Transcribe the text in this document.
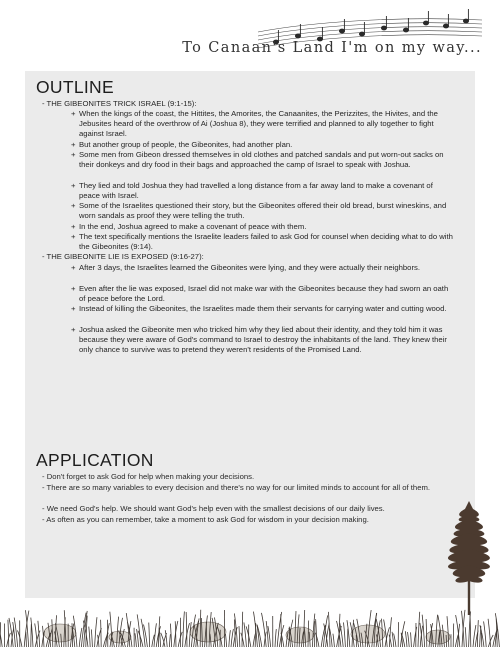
To Canaan's Land I'm on my way...
OUTLINE
- THE GIBEONITES TRICK ISRAEL (9:1-15):
+ When the kings of the coast, the Hittites, the Amorites, the Canaanites, the Perizzites, the Hivites, and the Jebusites heard of the overthrow of Ai (Joshua 8), they were terrified and planned to ally together to fight against Israel.
+ But another group of people, the Gibeonites, had another plan.
+ Some men from Gibeon dressed themselves in old clothes and patched sandals and put worn-out sacks on their donkeys and dry food in their bags and approached the camp of Israel to speak with Joshua.
+ They lied and told Joshua they had travelled a long distance from a far away land to make a covenant of peace with Israel.
+ Some of the Israelites questioned their story, but the Gibeonites offered their old bread, burst wineskins, and worn sandals as proof they were telling the truth.
+ In the end, Joshua agreed to make a covenant of peace with them.
+ The text specifically mentions the Israelite leaders failed to ask God for counsel when deciding what to do with the Gibeonites (9:14).
- THE GIBEONITE LIE IS EXPOSED (9:16-27):
+ After 3 days, the Israelites learned the Gibeonites were lying, and they were actually their neighbors.
+ Even after the lie was exposed, Israel did not make war with the Gibeonites because they had sworn an oath of peace before the Lord.
+ Instead of killing the Gibeonites, the Israelites made them their servants for carrying water and cutting wood.
+ Joshua asked the Gibeonite men who tricked him why they lied about their identity, and they told him it was because they were aware of God's command to Israel to destroy the inhabitants of the land. They knew their only chance to survive was to pretend they weren't residents of the Promised Land.
APPLICATION
- Don't forget to ask God for help when making your decisions.
- There are so many variables to every decision and there's no way for our limited minds to account for all of them.
- We need God's help. We should want God's help even with the smallest decisions of our daily lives.
- As often as you can remember, take a moment to ask God for wisdom in your decision making.
